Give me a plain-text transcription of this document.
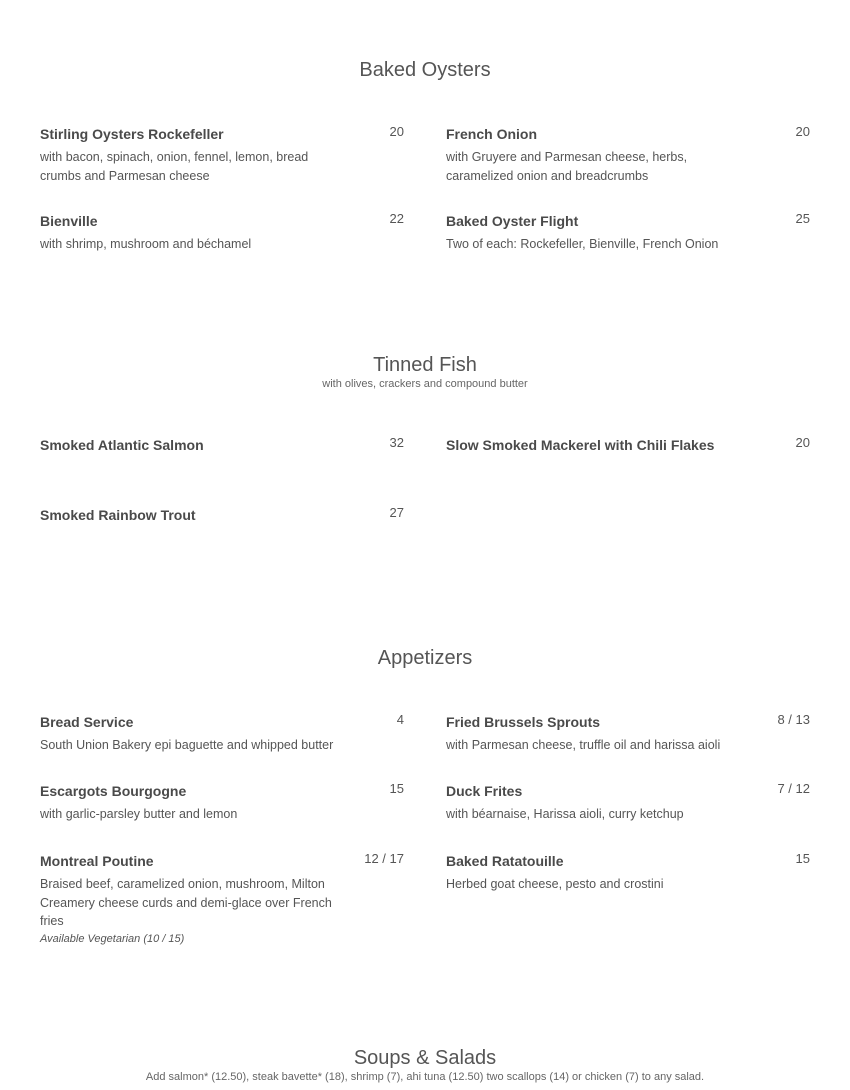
Baked Oysters
Stirling Oysters Rockefeller	20
with bacon, spinach, onion, fennel, lemon, bread crumbs and Parmesan cheese
French Onion	20
with Gruyere and Parmesan cheese, herbs, caramelized onion and breadcrumbs
Bienville	22
with shrimp, mushroom and béchamel
Baked Oyster Flight	25
Two of each: Rockefeller, Bienville, French Onion
Tinned Fish
with olives, crackers and compound butter
Smoked Atlantic Salmon	32	Slow Smoked Mackerel with Chili Flakes	20
Smoked Rainbow Trout	27
Appetizers
Bread Service	4
South Union Bakery epi baguette and whipped butter
Fried Brussels Sprouts	8 / 13
with Parmesan cheese, truffle oil and harissa aioli
Escargots Bourgogne	15
with garlic-parsley butter and lemon
Duck Frites	7 / 12
with béarnaise, Harissa aioli, curry ketchup
Montreal Poutine	12 / 17
Braised beef, caramelized onion, mushroom, Milton Creamery cheese curds and demi-glace over French fries
Available Vegetarian (10 / 15)
Baked Ratatouille	15
Herbed goat cheese, pesto and crostini
Soups & Salads
Add salmon* (12.50), steak bavette* (18), shrimp (7), ahi tuna (12.50) two scallops (14) or chicken (7) to any salad.
